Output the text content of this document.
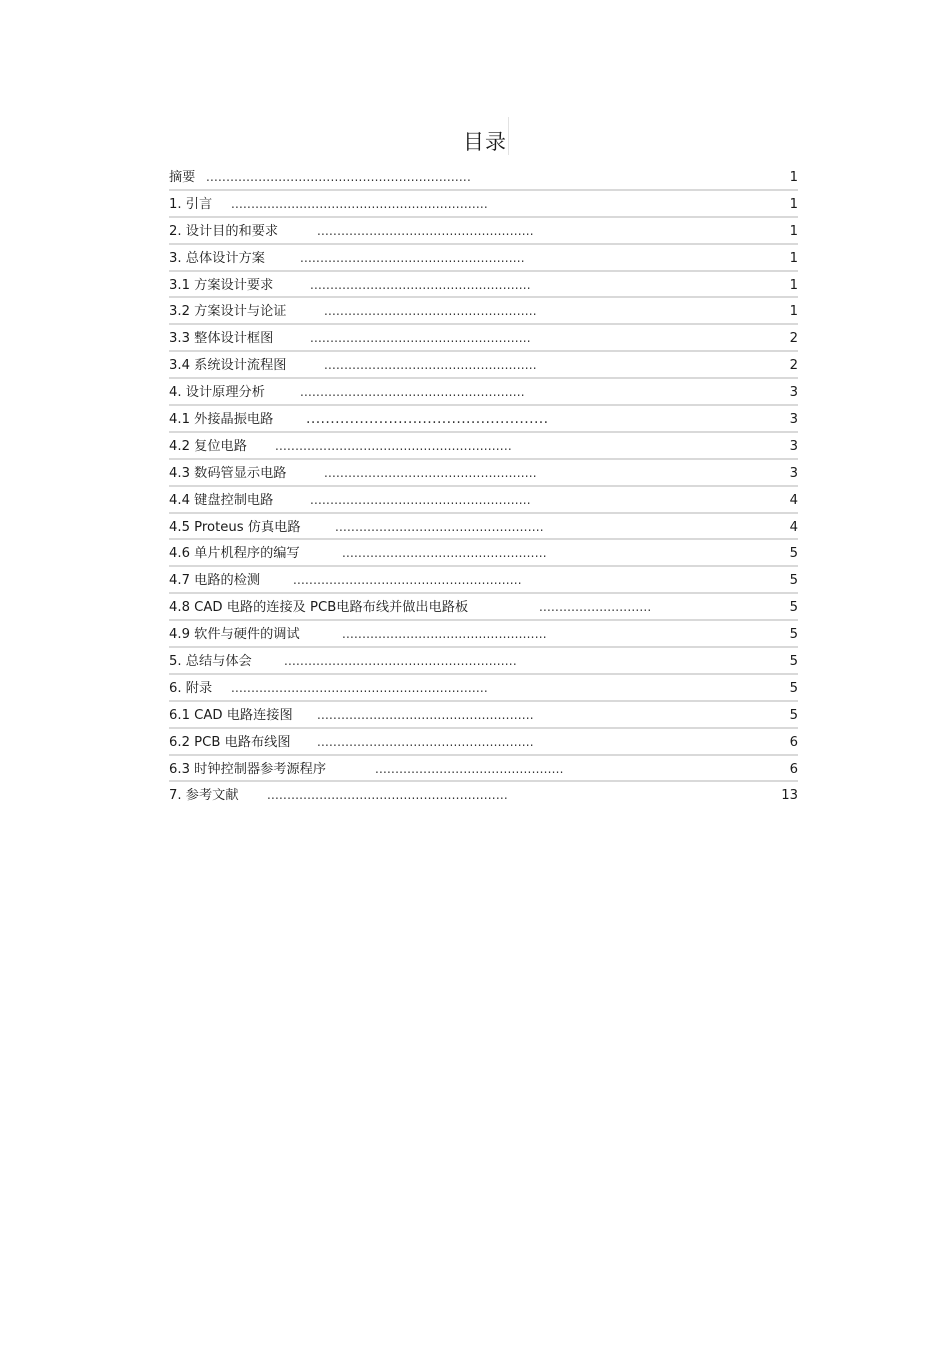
目录
摘要 ..................................................................	1
1. 引言 ................................................................	1
2. 设计目的和要求	......................................................	1
3. 总体设计方案	........................................................	1
3.1 方案设计要求	.......................................................	1
3.2 方案设计与论证	.....................................................	1
3.3 整体设计框图	.......................................................	2
3.4 系统设计流程图	.....................................................	2
4. 设计原理分析	........................................................	3
4.1 外接晶振电路 ..................................................	3
4.2 复位电路 ...........................................................	3
4.3 数码管显示电路	.....................................................	3
4.4 键盘控制电路	.......................................................	4
4.5 Proteus 仿真电路	....................................................	4
4.6 单片机程序的编写	...................................................	5
4.7 电路的检测	.........................................................	5
4.8 CAD 电路的连接及 PCB电路布线并做出电路板	............................	5
4.9 软件与硬件的调试	...................................................	5
5. 总结与体会	..........................................................	5
6. 附录 ................................................................	5
6.1 CAD 电路连接图 ......................................................	5
6.2 PCB 电路布线图 ......................................................	6
6.3 时钟控制器参考源程序	...............................................	6
7. 参考文献 ............................................................	13
